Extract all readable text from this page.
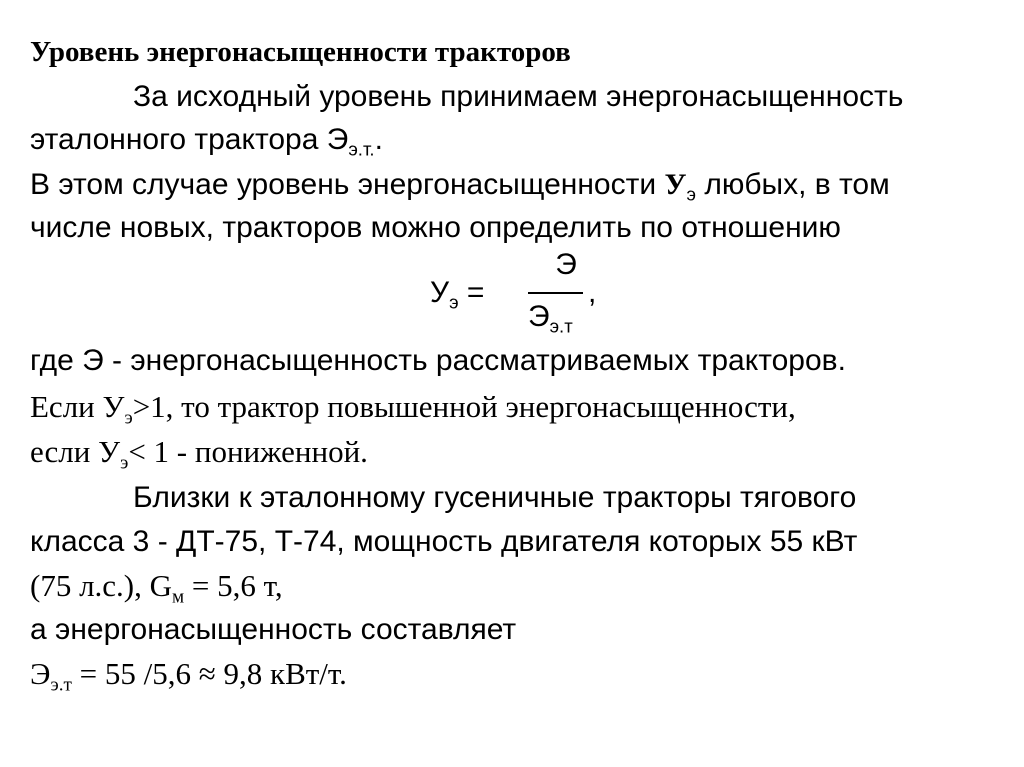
Уровень энергонасыщенности тракторов
За исходный уровень принимаем энергонасыщенность
эталонного трактора $Э_{э.т.}$.
В этом случае уровень энергонасыщенности $У_э$ любых, в том
числе новых, тракторов можно определить по отношению
$У_э$ =
Э
$Э_{э.т}$
,
где Э - энергонасыщенность рассматриваемых тракторов.
Если $У_э>1$, то трактор повышенной энергонасыщенности,
если $У_э< 1$ - пониженной.
Близки к эталонному гусеничные тракторы тягового
класса 3 - ДТ-75, Т-74, мощность двигателя которых 55 кВт
(75 л.с.), $G_м = 5,6$ т,
а энергонасыщенность составляет
$Э_{э.т} = 55$ /5,6 ≈ 9,8 кВт/т.
